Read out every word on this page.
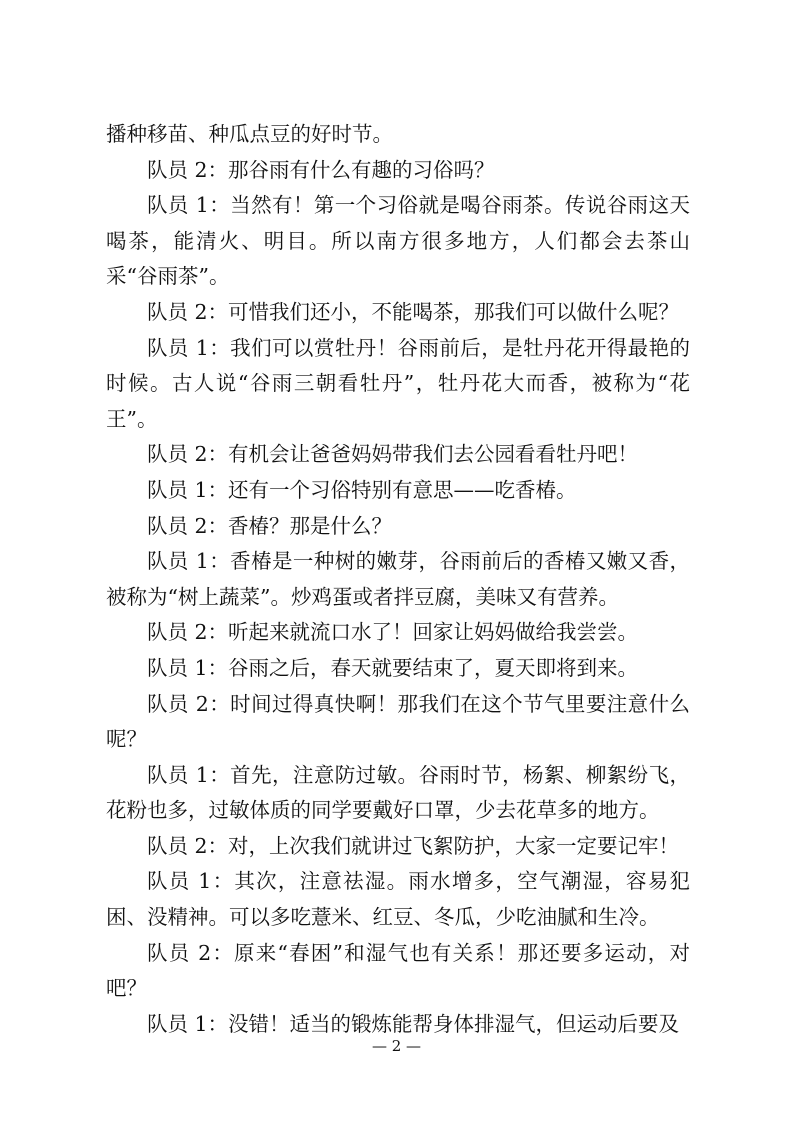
播种移苗、种瓜点豆的好时节。

队员 2：那谷雨有什么有趣的习俗吗？

队员 1：当然有！第一个习俗就是喝谷雨茶。传说谷雨这天喝茶，能清火、明目。所以南方很多地方，人们都会去茶山采“谷雨茶”。

队员 2：可惜我们还小，不能喝茶，那我们可以做什么呢？

队员 1：我们可以赏牡丹！谷雨前后，是牡丹花开得最艳的时候。古人说“谷雨三朝看牡丹”，牡丹花大而香，被称为“花王”。

队员 2：有机会让爸爸妈妈带我们去公园看看牡丹吧！

队员 1：还有一个习俗特别有意思——吃香椿。

队员 2：香椿？那是什么？

队员 1：香椿是一种树的嫩芽，谷雨前后的香椿又嫩又香，被称为“树上蔬菜”。炒鸡蛋或者拌豆腐，美味又有营养。

队员 2：听起来就流口水了！回家让妈妈做给我尝尝。

队员 1：谷雨之后，春天就要结束了，夏天即将到来。

队员 2：时间过得真快啊！那我们在这个节气里要注意什么呢？

队员 1：首先，注意防过敏。谷雨时节，杨絮、柳絮纷飞，花粉也多，过敏体质的同学要戴好口罩，少去花草多的地方。

队员 2：对，上次我们就讲过飞絮防护，大家一定要记牢！

队员 1：其次，注意祛湿。雨水增多，空气潮湿，容易犯困、没精神。可以多吃薏米、红豆、冬瓜，少吃油腻和生冷。

队员 2：原来“春困”和湿气也有关系！那还要多运动，对吧？

队员 1：没错！适当的锻炼能帮身体排湿气，但运动后要及

— 2 —
